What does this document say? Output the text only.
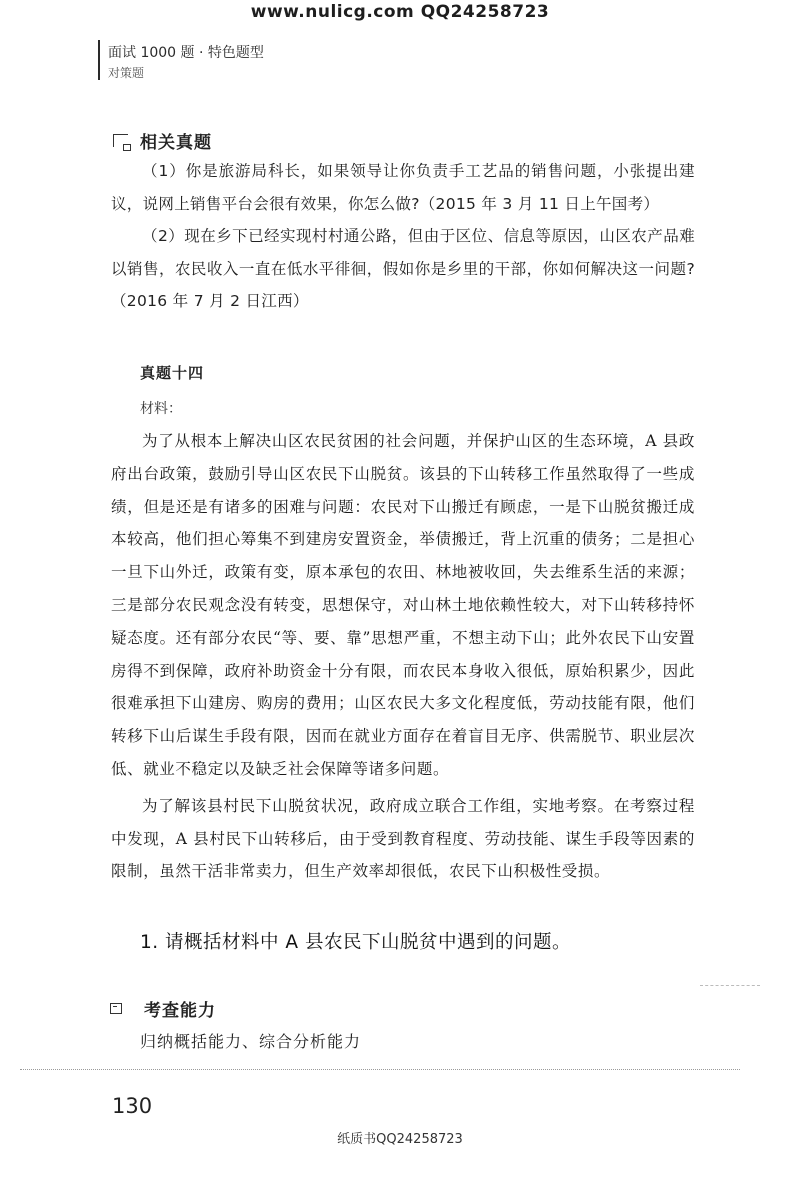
www.nulicg.com QQ24258723
面试 1000 题 · 特色题型
对策题
相关真题

（1）你是旅游局科长，如果领导让你负责手工艺品的销售问题，小张提出建议，说网上销售平台会很有效果，你怎么做?（2015 年 3 月 11 日上午国考）

（2）现在乡下已经实现村村通公路，但由于区位、信息等原因，山区农产品难以销售，农民收入一直在低水平徘徊，假如你是乡里的干部，你如何解决这一问题?（2016 年 7 月 2 日江西）

真题十四
材料：

为了从根本上解决山区农民贫困的社会问题，并保护山区的生态环境，A 县政府出台政策，鼓励引导山区农民下山脱贫。该县的下山转移工作虽然取得了一些成绩，但是还是有诸多的困难与问题：农民对下山搬迁有顾虑，一是下山脱贫搬迁成本较高，他们担心筹集不到建房安置资金，举债搬迁，背上沉重的债务；二是担心一旦下山外迁，政策有变，原本承包的农田、林地被收回，失去维系生活的来源；三是部分农民观念没有转变，思想保守，对山林土地依赖性较大，对下山转移持怀疑态度。还有部分农民“等、要、靠”思想严重，不想主动下山；此外农民下山安置房得不到保障，政府补助资金十分有限，而农民本身收入很低，原始积累少，因此很难承担下山建房、购房的费用；山区农民大多文化程度低，劳动技能有限，他们转移下山后谋生手段有限，因而在就业方面存在着盲目无序、供需脱节、职业层次低、就业不稳定以及缺乏社会保障等诸多问题。

为了解该县村民下山脱贫状况，政府成立联合工作组，实地考察。在考察过程中发现，A 县村民下山转移后，由于受到教育程度、劳动技能、谋生手段等因素的限制，虽然干活非常卖力，但生产效率却很低，农民下山积极性受损。

1. 请概括材料中 A 县农民下山脱贫中遇到的问题。
考查能力
归纳概括能力、综合分析能力
130
纸质书QQ24258723
